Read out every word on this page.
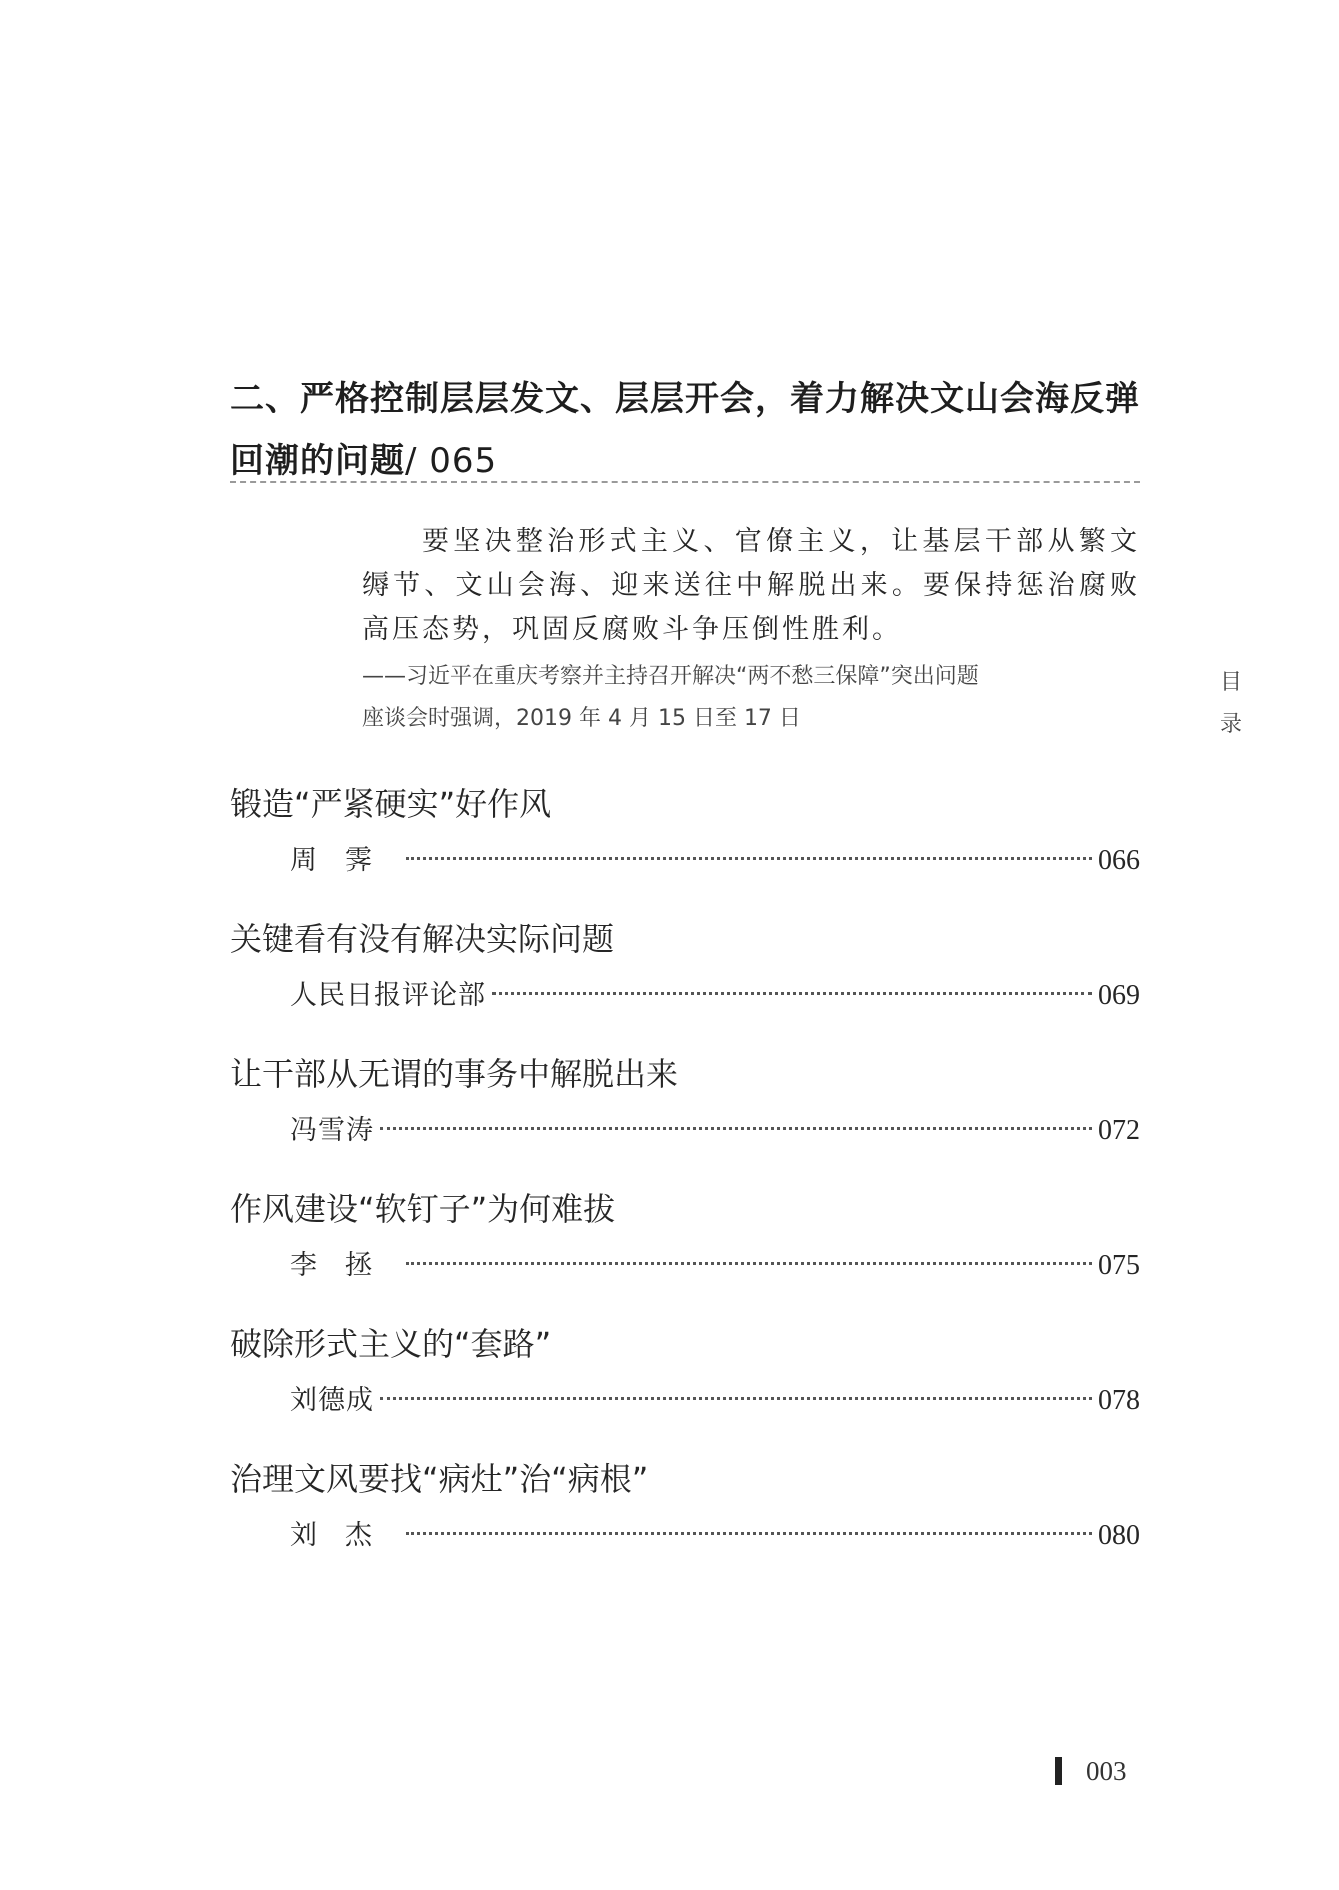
二、严格控制层层发文、层层开会，着力解决文山会海反弹
回潮的问题/ 065
要坚决整治形式主义、官僚主义，让基层干部从繁文缛节、文山会海、迎来送往中解脱出来。要保持惩治腐败高压态势，巩固反腐败斗争压倒性胜利。
——习近平在重庆考察并主持召开解决“两不愁三保障”突出问题
座谈会时强调，2019 年 4 月 15 日至 17 日
目
录
锻造“严紧硬实”好作风
周霁	066
关键看有没有解决实际问题
人民日报评论部	069
让干部从无谓的事务中解脱出来
冯雪涛	072
作风建设“软钉子”为何难拔
李拯	075
破除形式主义的“套路”
刘德成	078
治理文风要找“病灶”治“病根”
刘杰	080
003
